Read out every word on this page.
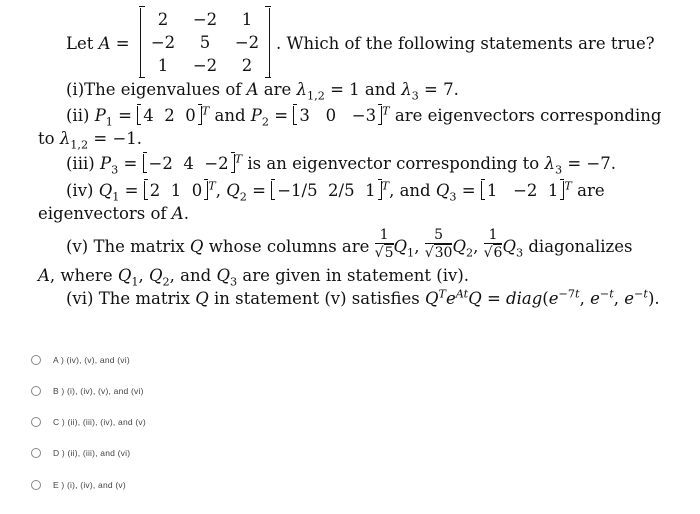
Let A =
2	−2	1
−2	5	−2
1	−2	2
. Which of the following statements are true?
(i)The eigenvalues of A are $\lambda_{1,2} = 1$ and $\lambda_3 = 7$.
(ii) $P_1 = 4$  2  0 $^T$ and $P_2 = 3$   0   −3 $^T$ are eigenvectors corresponding
to $\lambda_{1,2} = -1$.
(iii) $P_3 = -2$  4  −2 $^T$ is an eigenvector corresponding to $\lambda_3 = -7$.
(iv) $Q_1 = 2$  1  0 $^T$, $Q_2 = -1/5$  2/5  1 $^T$, and $Q_3 = 1 -2$  1 $^T$ are
eigenvectors of A.
(v) The matrix Q whose columns are $\frac{1}{√5} Q_1$, $\frac{5}{√30} Q_2$, $\frac{1}{√6} Q_3$ diagonalizes
A, where $Q_1$, $Q_2$, and $Q_3$ are given in statement (iv).
(vi) The matrix Q in statement (v) satisfies $Q^Te^{At}Q$ = $diag(e^{-7t}$, $e^{-t}$, $e^{-t}$).
A ) (iv), (v), and (vi)
B ) (i), (iv), (v), and (vi)
C ) (ii), (iii), (iv), and (v)
D ) (ii), (iii), and (vi)
E ) (i), (iv), and (v)
